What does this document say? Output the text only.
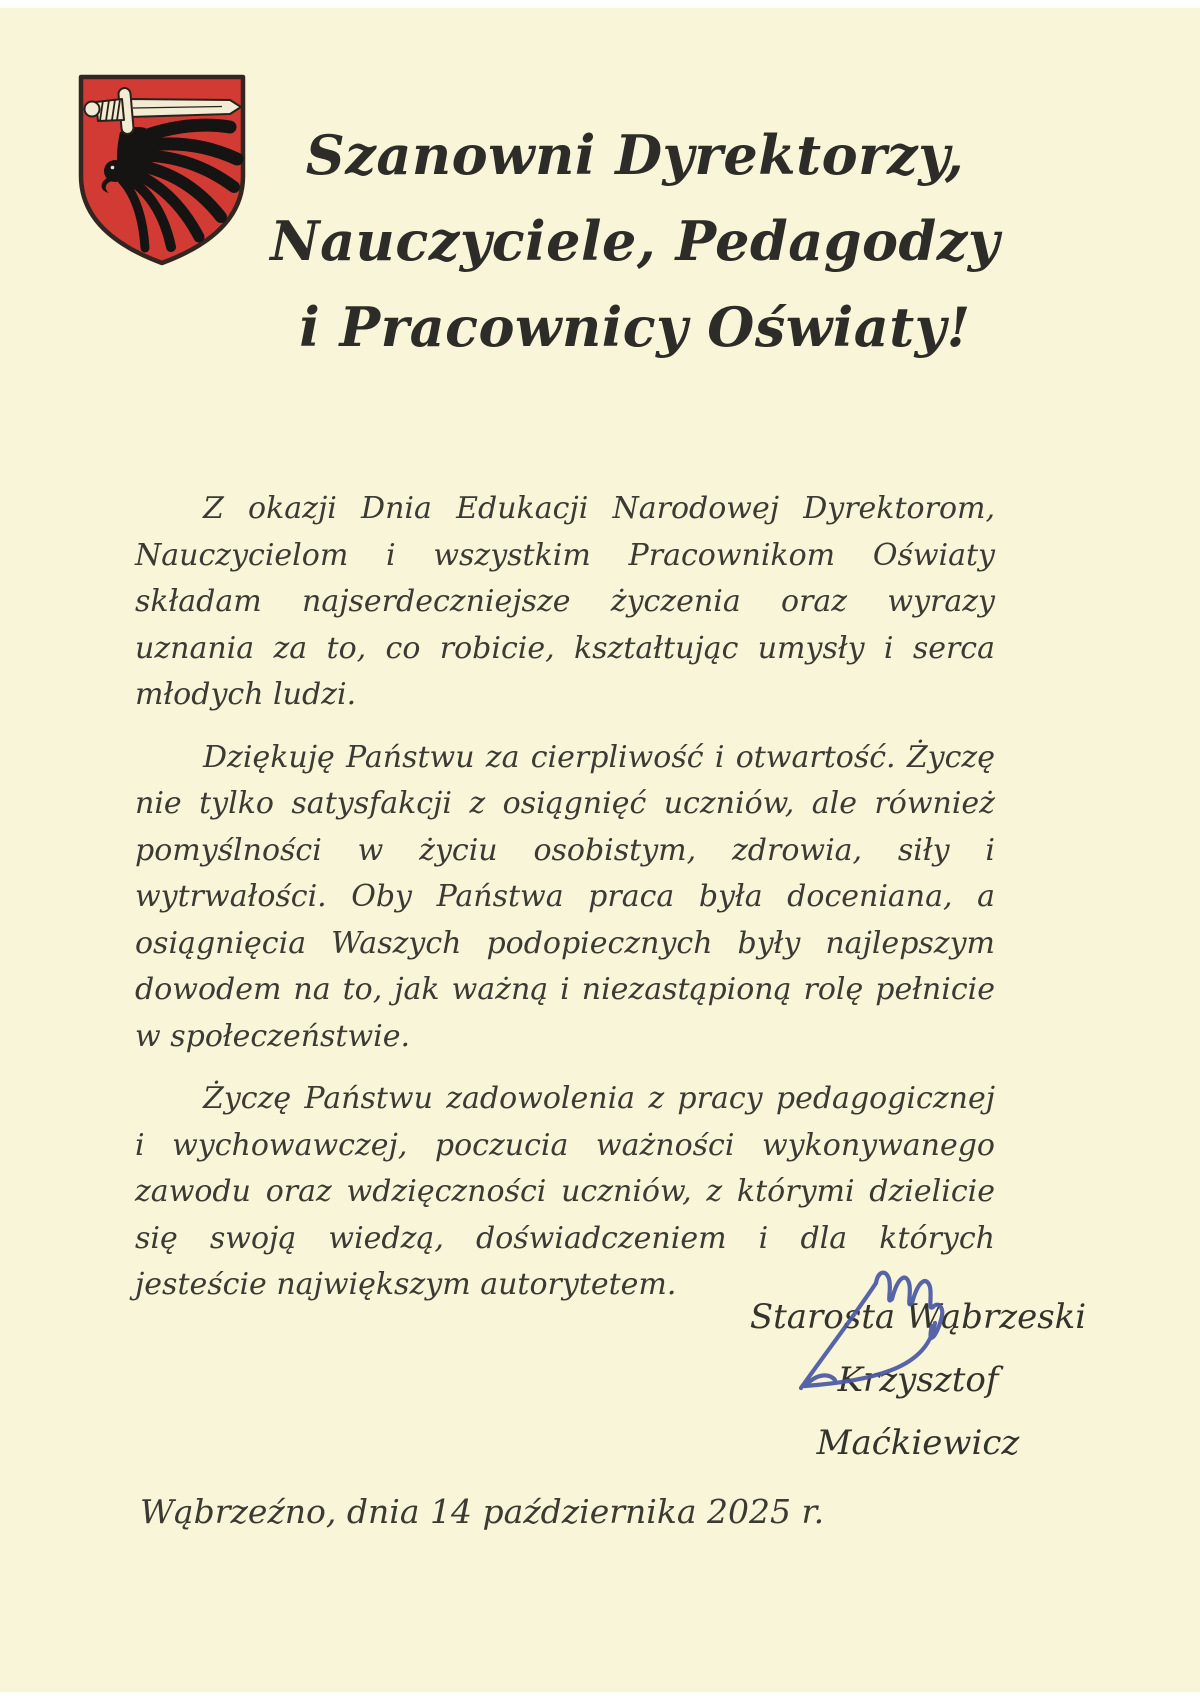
Szanowni Dyrektorzy,
Nauczyciele, Pedagodzy
i Pracownicy Oświaty!

Z okazji Dnia Edukacji Narodowej Dyrektorom, Nauczycielom i wszystkim Pracownikom Oświaty składam najserdeczniejsze życzenia oraz wyrazy uznania za to, co robicie, kształtując umysły i serca młodych ludzi.

Dziękuję Państwu za cierpliwość i otwartość. Życzę nie tylko satysfakcji z osiągnięć uczniów, ale również pomyślności w życiu osobistym, zdrowia, siły i wytrwałości. Oby Państwa praca była doceniana, a osiągnięcia Waszych podopiecznych były najlepszym dowodem na to, jak ważną i niezastąpioną rolę pełnicie w społeczeństwie.

Życzę Państwu zadowolenia z pracy pedagogicznej i wychowawczej, poczucia ważności wykonywanego zawodu oraz wdzięczności uczniów, z którymi dzielicie się swoją wiedzą, doświadczeniem i dla których jesteście największym autorytetem.

Starosta Wąbrzeski
Krzysztof Maćkiewicz
Wąbrzeźno, dnia 14 października 2025 r.
